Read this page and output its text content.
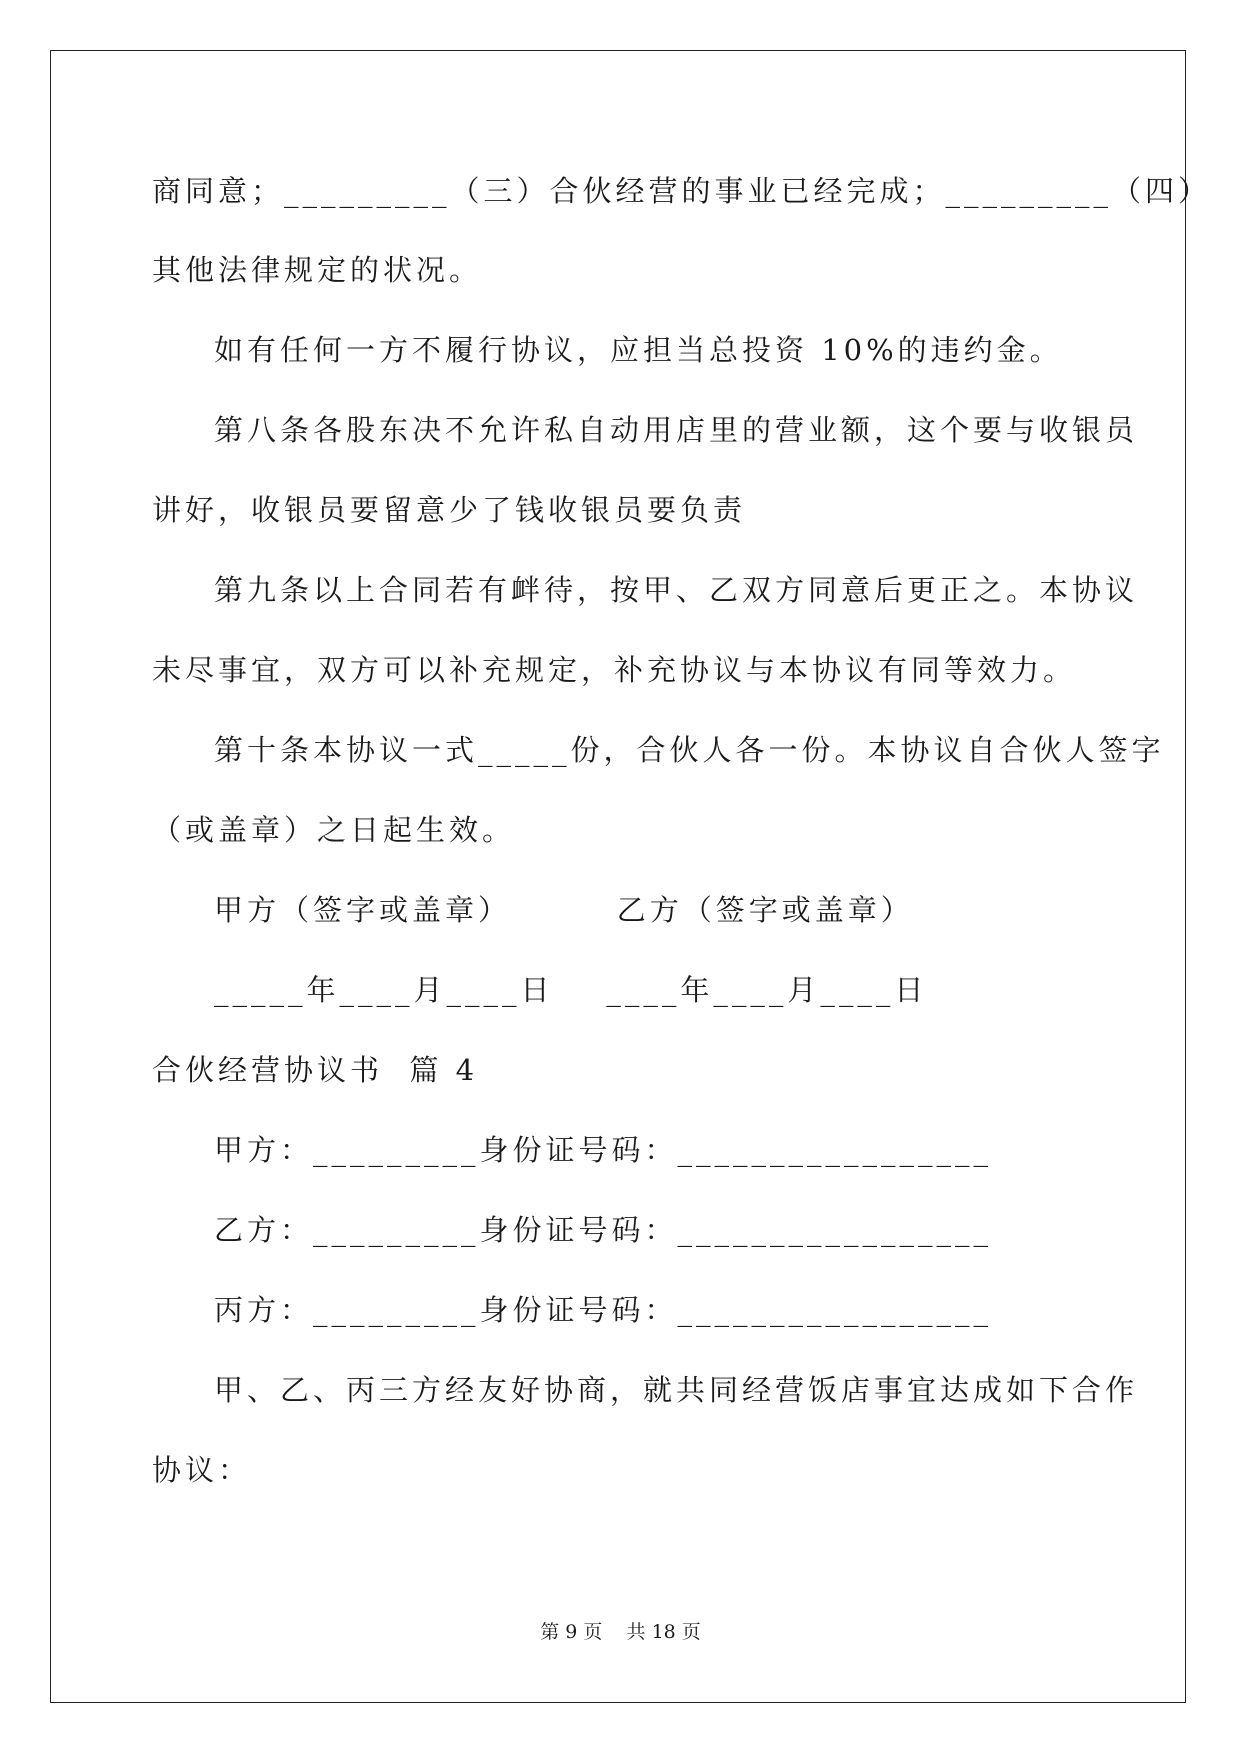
商同意；_________（三）合伙经营的事业已经完成；_________（四）
其他法律规定的状况。
如有任何一方不履行协议，应担当总投资 10%的违约金。
第八条各股东决不允许私自动用店里的营业额，这个要与收银员
讲好，收银员要留意少了钱收银员要负责
第九条以上合同若有衅待，按甲、乙双方同意后更正之。本协议
未尽事宜，双方可以补充规定，补充协议与本协议有同等效力。
第十条本协议一式_____份，合伙人各一份。本协议自合伙人签字
（或盖章）之日起生效。
甲方（签字或盖章）        乙方（签字或盖章）
_____年____月____日    ____年____月____日
合伙经营协议书  篇 4
甲方：_________身份证号码：_________________
乙方：_________身份证号码：_________________
丙方：_________身份证号码：_________________
甲、乙、丙三方经友好协商，就共同经营饭店事宜达成如下合作
协议：
第 9 页    共 18 页
